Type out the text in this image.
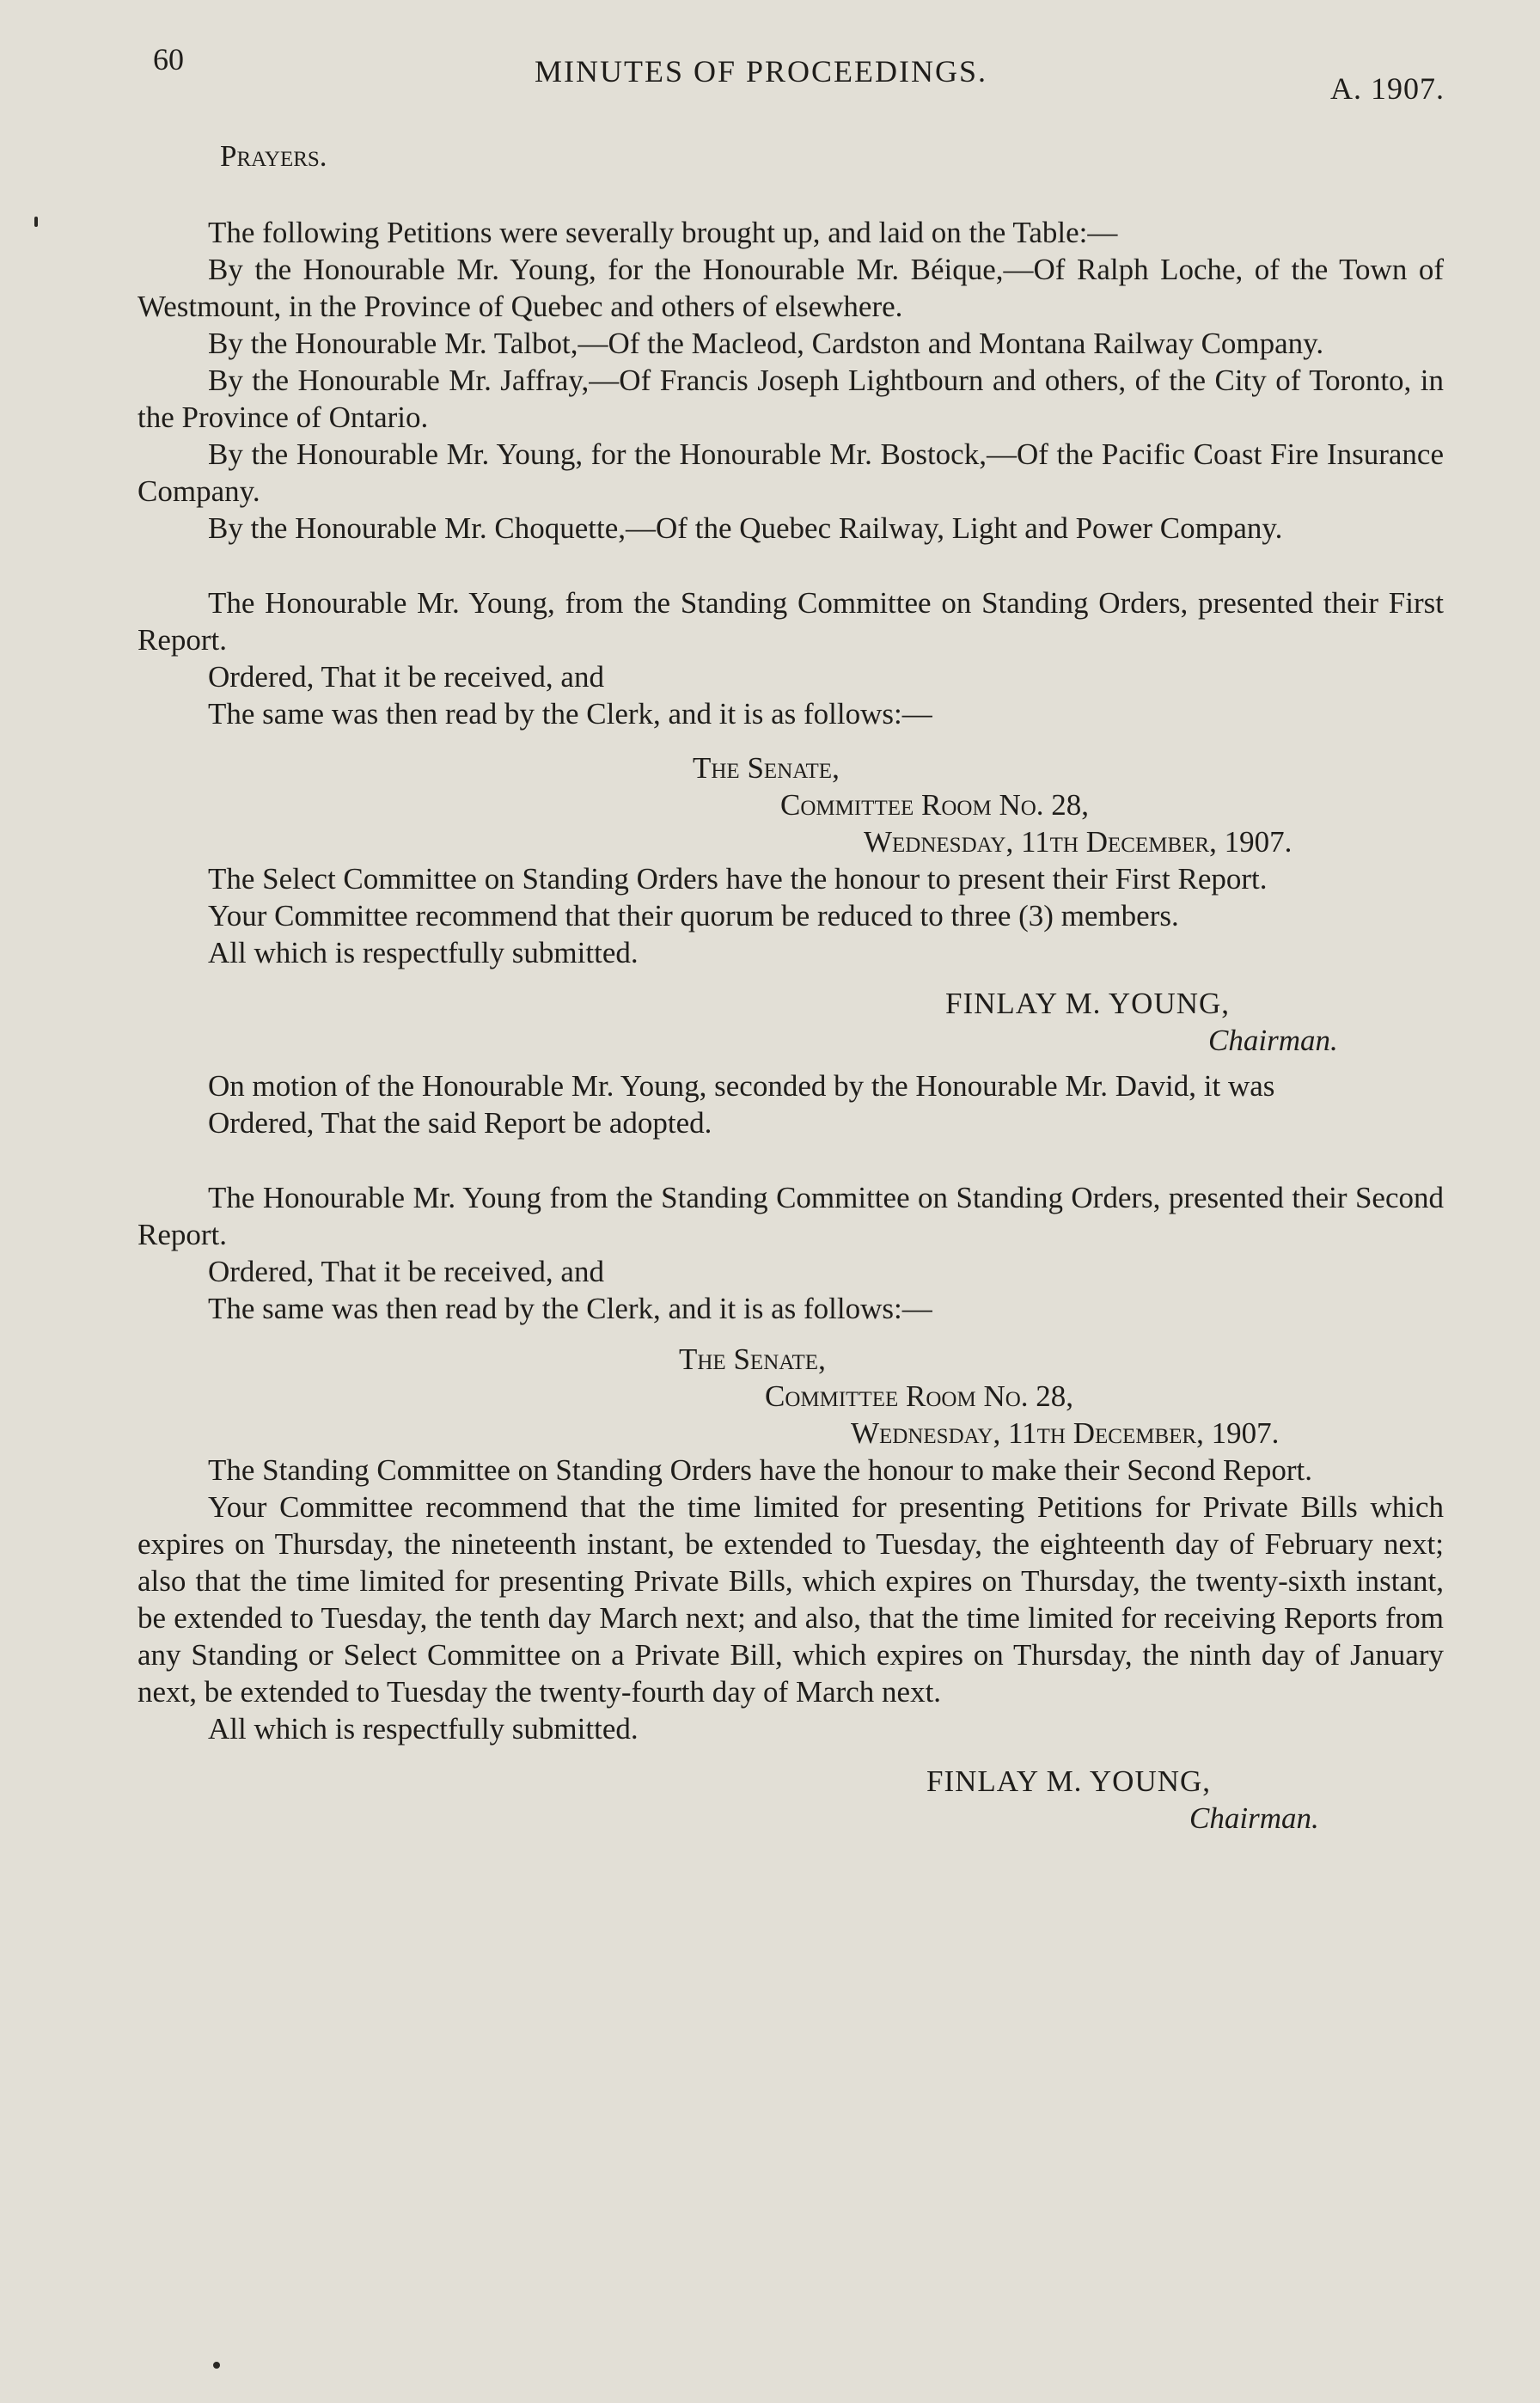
60	MINUTES OF PROCEEDINGS.	A. 1907.

Prayers.

The following Petitions were severally brought up, and laid on the Table:—

By the Honourable Mr. Young, for the Honourable Mr. Béique,—Of Ralph Loche, of the Town of Westmount, in the Province of Quebec and others of elsewhere.

By the Honourable Mr. Talbot,—Of the Macleod, Cardston and Montana Railway Company.

By the Honourable Mr. Jaffray,—Of Francis Joseph Lightbourn and others, of the City of Toronto, in the Province of Ontario.

By the Honourable Mr. Young, for the Honourable Mr. Bostock,—Of the Pacific Coast Fire Insurance Company.

By the Honourable Mr. Choquette,—Of the Quebec Railway, Light and Power Company.

The Honourable Mr. Young, from the Standing Committee on Standing Orders, presented their First Report.

Ordered, That it be received, and

The same was then read by the Clerk, and it is as follows:—

The Senate,

Committee Room No. 28,

Wednesday, 11th December, 1907.

The Select Committee on Standing Orders have the honour to present their First Report.

Your Committee recommend that their quorum be reduced to three (3) members.

All which is respectfully submitted.

FINLAY M. YOUNG,

Chairman.

On motion of the Honourable Mr. Young, seconded by the Honourable Mr. David, it was

Ordered, That the said Report be adopted.

The Honourable Mr. Young from the Standing Committee on Standing Orders, presented their Second Report.

Ordered, That it be received, and

The same was then read by the Clerk, and it is as follows:—

The Senate,

Committee Room No. 28,

Wednesday, 11th December, 1907.

The Standing Committee on Standing Orders have the honour to make their Second Report.

Your Committee recommend that the time limited for presenting Petitions for Private Bills which expires on Thursday, the nineteenth instant, be extended to Tuesday, the eighteenth day of February next; also that the time limited for presenting Private Bills, which expires on Thursday, the twenty-sixth instant, be extended to Tuesday, the tenth day March next; and also, that the time limited for receiving Reports from any Standing or Select Committee on a Private Bill, which expires on Thursday, the ninth day of January next, be extended to Tuesday the twenty-fourth day of March next.

All which is respectfully submitted.

FINLAY M. YOUNG,

Chairman.
